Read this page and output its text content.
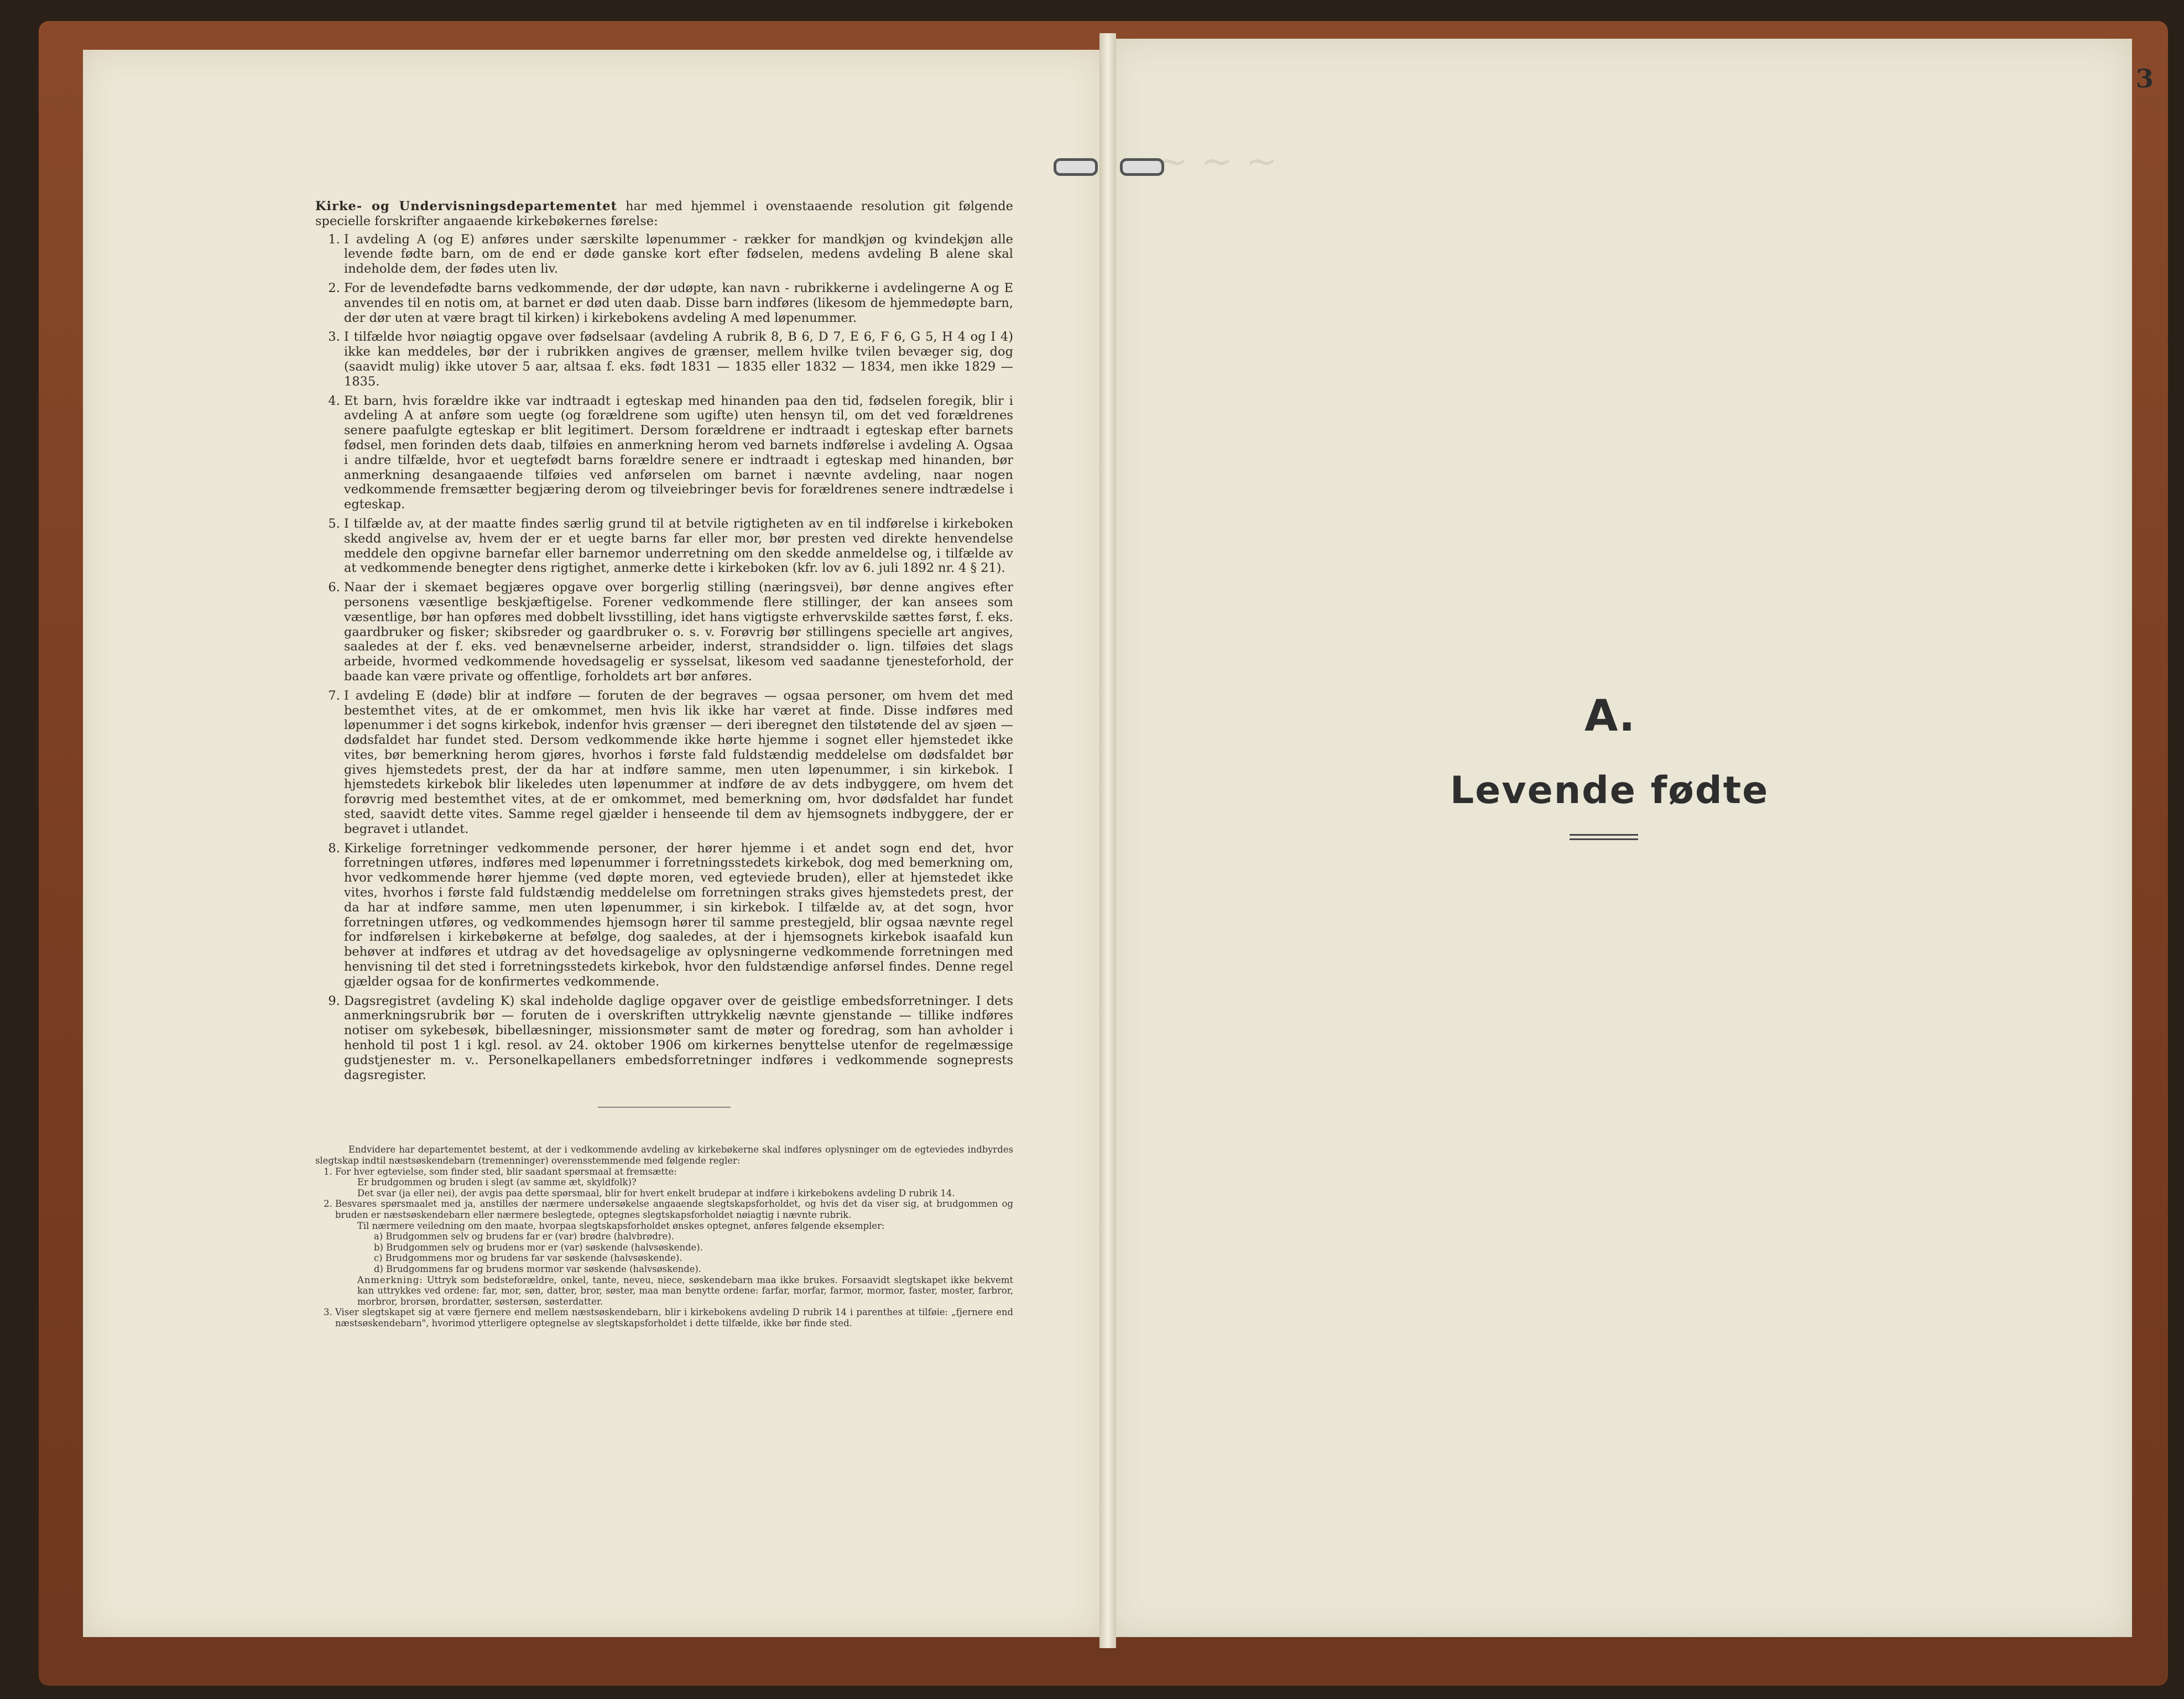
~ ~ ~

Kirke- og Undervisningsdepartementet har med hjemmel i ovenstaaende resolution git følgende specielle forskrifter angaaende kirkebøkernes førelse:

1. I avdeling A (og E) anføres under særskilte løpenummer - rækker for mandkjøn og kvindekjøn alle levende fødte barn, om de end er døde ganske kort efter fødselen, medens avdeling B alene skal indeholde dem, der fødes uten liv.
2. For de levendefødte barns vedkommende, der dør udøpte, kan navn - rubrikkerne i avdelingerne A og E anvendes til en notis om, at barnet er død uten daab. Disse barn indføres (likesom de hjemmedøpte barn, der dør uten at være bragt til kirken) i kirkebokens avdeling A med løpenummer.
3. I tilfælde hvor nøiagtig opgave over fødselsaar (avdeling A rubrik 8, B 6, D 7, E 6, F 6, G 5, H 4 og I 4) ikke kan meddeles, bør der i rubrikken angives de grænser, mellem hvilke tvilen bevæger sig, dog (saavidt mulig) ikke utover 5 aar, altsaa f. eks. født 1831 — 1835 eller 1832 — 1834, men ikke 1829 — 1835.
4. Et barn, hvis forældre ikke var indtraadt i egteskap med hinanden paa den tid, fødselen foregik, blir i avdeling A at anføre som uegte (og forældrene som ugifte) uten hensyn til, om det ved forældrenes senere paafulgte egteskap er blit legitimert. Dersom forældrene er indtraadt i egteskap efter barnets fødsel, men forinden dets daab, tilføies en anmerkning herom ved barnets indførelse i avdeling A. Ogsaa i andre tilfælde, hvor et uegtefødt barns forældre senere er indtraadt i egteskap med hinanden, bør anmerkning desangaaende tilføies ved anførselen om barnet i nævnte avdeling, naar nogen vedkommende fremsætter begjæring derom og tilveiebringer bevis for forældrenes senere indtrædelse i egteskap.
5. I tilfælde av, at der maatte findes særlig grund til at betvile rigtigheten av en til indførelse i kirkeboken skedd angivelse av, hvem der er et uegte barns far eller mor, bør presten ved direkte henvendelse meddele den opgivne barnefar eller barnemor underretning om den skedde anmeldelse og, i tilfælde av at vedkommende benegter dens rigtighet, anmerke dette i kirkeboken (kfr. lov av 6. juli 1892 nr. 4 § 21).
6. Naar der i skemaet begjæres opgave over borgerlig stilling (næringsvei), bør denne angives efter personens væsentlige beskjæftigelse. Forener vedkommende flere stillinger, der kan ansees som væsentlige, bør han opføres med dobbelt livsstilling, idet hans vigtigste erhvervskilde sættes først, f. eks. gaardbruker og fisker; skibsreder og gaardbruker o. s. v. Forøvrig bør stillingens specielle art angives, saaledes at der f. eks. ved benævnelserne arbeider, inderst, strandsidder o. lign. tilføies det slags arbeide, hvormed vedkommende hovedsagelig er sysselsat, likesom ved saadanne tjenesteforhold, der baade kan være private og offentlige, forholdets art bør anføres.
7. I avdeling E (døde) blir at indføre — foruten de der begraves — ogsaa personer, om hvem det med bestemthet vites, at de er omkommet, men hvis lik ikke har været at finde. Disse indføres med løpenummer i det sogns kirkebok, indenfor hvis grænser — deri iberegnet den tilstøtende del av sjøen — dødsfaldet har fundet sted. Dersom vedkommende ikke hørte hjemme i sognet eller hjemstedet ikke vites, bør bemerkning herom gjøres, hvorhos i første fald fuldstændig meddelelse om dødsfaldet bør gives hjemstedets prest, der da har at indføre samme, men uten løpenummer, i sin kirkebok. I hjemstedets kirkebok blir likeledes uten løpenummer at indføre de av dets indbyggere, om hvem det forøvrig med bestemthet vites, at de er omkommet, med bemerkning om, hvor dødsfaldet har fundet sted, saavidt dette vites. Samme regel gjælder i henseende til dem av hjemsognets indbyggere, der er begravet i utlandet.
8. Kirkelige forretninger vedkommende personer, der hører hjemme i et andet sogn end det, hvor forretningen utføres, indføres med løpenummer i forretningsstedets kirkebok, dog med bemerkning om, hvor vedkommende hører hjemme (ved døpte moren, ved egteviede bruden), eller at hjemstedet ikke vites, hvorhos i første fald fuldstændig meddelelse om forretningen straks gives hjemstedets prest, der da har at indføre samme, men uten løpenummer, i sin kirkebok. I tilfælde av, at det sogn, hvor forretningen utføres, og vedkommendes hjemsogn hører til samme prestegjeld, blir ogsaa nævnte regel for indførelsen i kirkebøkerne at befølge, dog saaledes, at der i hjemsognets kirkebok isaafald kun behøver at indføres et utdrag av det hovedsagelige av oplysningerne vedkommende forretningen med henvisning til det sted i forretningsstedets kirkebok, hvor den fuldstændige anførsel findes. Denne regel gjælder ogsaa for de konfirmertes vedkommende.
9. Dagsregistret (avdeling K) skal indeholde daglige opgaver over de geistlige embedsforretninger. I dets anmerkningsrubrik bør — foruten de i overskriften uttrykkelig nævnte gjenstande — tillike indføres notiser om sykebesøk, bibellæsninger, missionsmøter samt de møter og foredrag, som han avholder i henhold til post 1 i kgl. resol. av 24. oktober 1906 om kirkernes benyttelse utenfor de regelmæssige gudstjenester m. v.. Personelkapellaners embedsforretninger indføres i vedkommende sogneprests dagsregister.

Endvidere har departementet bestemt, at der i vedkommende avdeling av kirkebøkerne skal indføres oplysninger om de egteviedes indbyrdes slegtskap indtil næstsøskendebarn (tremenninger) overensstemmende med følgende regler:

1. For hver egtevielse, som finder sted, blir saadant spørsmaal at fremsætte:
Er brudgommen og bruden i slegt (av samme æt, skyldfolk)?
Det svar (ja eller nei), der avgis paa dette spørsmaal, blir for hvert enkelt brudepar at indføre i kirkebokens avdeling D rubrik 14.
2. Besvares spørsmaalet med ja, anstilles der nærmere undersøkelse angaaende slegtskapsforholdet, og hvis det da viser sig, at brudgommen og bruden er næstsøskendebarn eller nærmere beslegtede, optegnes slegtskapsforholdet nøiagtig i nævnte rubrik.
Til nærmere veiledning om den maate, hvorpaa slegtskapsforholdet ønskes optegnet, anføres følgende eksempler:
a) Brudgommen selv og brudens far er (var) brødre (halvbrødre).
b) Brudgommen selv og brudens mor er (var) søskende (halvsøskende).
c) Brudgommens mor og brudens far var søskende (halvsøskende).
d) Brudgommens far og brudens mormor var søskende (halvsøskende).
Anmerkning: Uttryk som bedsteforældre, onkel, tante, neveu, niece, søskendebarn maa ikke brukes. Forsaavidt slegtskapet ikke bekvemt kan uttrykkes ved ordene: far, mor, søn, datter, bror, søster, maa man benytte ordene: farfar, morfar, farmor, mormor, faster, moster, farbror, morbror, brorsøn, brordatter, søstersøn, søsterdatter.
3. Viser slegtskapet sig at være fjernere end mellem næstsøskendebarn, blir i kirkebokens avdeling D rubrik 14 i parenthes at tilføie: „fjernere end næstsøskendebarn", hvorimod ytterligere optegnelse av slegtskapsforholdet i dette tilfælde, ikke bør finde sted.
3
A.
Levende fødte
